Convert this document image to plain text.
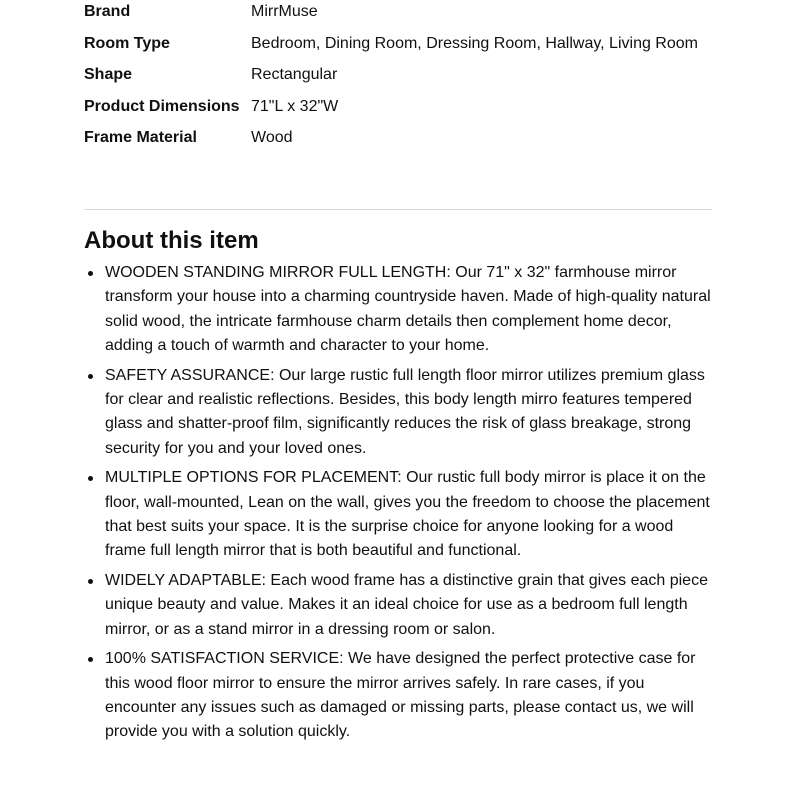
Brand	MirrMuse
Room Type	Bedroom, Dining Room, Dressing Room, Hallway, Living Room
Shape	Rectangular
Product Dimensions	71"L x 32"W
Frame Material	Wood
About this item
WOODEN STANDING MIRROR FULL LENGTH: Our 71" x 32" farmhouse mirror transform your house into a charming countryside haven. Made of high-quality natural solid wood, the intricate farmhouse charm details then complement home decor, adding a touch of warmth and character to your home.
SAFETY ASSURANCE: Our large rustic full length floor mirror utilizes premium glass for clear and realistic reflections. Besides, this body length mirro features tempered glass and shatter-proof film, significantly reduces the risk of glass breakage, strong security for you and your loved ones.
MULTIPLE OPTIONS FOR PLACEMENT: Our rustic full body mirror is place it on the floor, wall-mounted, Lean on the wall, gives you the freedom to choose the placement that best suits your space. It is the surprise choice for anyone looking for a wood frame full length mirror that is both beautiful and functional.
WIDELY ADAPTABLE: Each wood frame has a distinctive grain that gives each piece unique beauty and value. Makes it an ideal choice for use as a bedroom full length mirror, or as a stand mirror in a dressing room or salon.
100% SATISFACTION SERVICE: We have designed the perfect protective case for this wood floor mirror to ensure the mirror arrives safely. In rare cases, if you encounter any issues such as damaged or missing parts, please contact us, we will provide you with a solution quickly.
